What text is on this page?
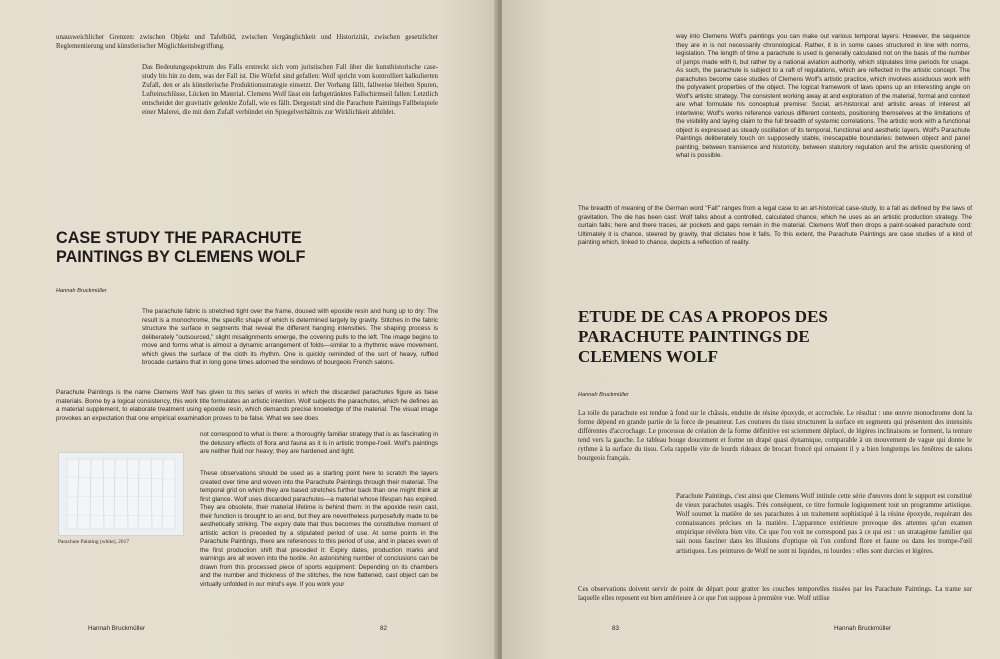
unausweichlicher Grenzen: zwischen Objekt und Tafelbild, zwischen Vergänglichkeit und Historizität, zwischen gesetzlicher Reglementierung und künstlerischer Möglichkeitsbegriffung.

Das Bedeutungsspektrum des Falls erstreckt sich vom juristischen Fall über die kunsthistorische case-study bis hin zu dem, was der Fall ist. Die Würfel sind gefallen: Wolf spricht vom kontrolliert kalkulierten Zufall, den er als künstlerische Produktionsstrategie einsetzt. Der Vorhang fällt, fallweise bleiben Spuren, Lufteinschlüsse, Lücken im Material. Clemens Wolf lässt ein farbgetränktes Fallschirmseil fallen: Letztlich entscheidet der gravitativ gelenkte Zufall, wie es fällt. Dergestalt sind die Parachute Paintings Fallbeispiele einer Malerei, die mit dem Zufall verbündet ein Spiegelverhältnis zur Wirklichkeit abbildet.

CASE STUDY THE PARACHUTE PAINTINGS BY CLEMENS WOLF
Hannah Bruckmüller

The parachute fabric is stretched tight over the frame, doused with epoxide resin and hung up to dry: The result is a monochrome, the specific shape of which is determined largely by gravity. Stitches in the fabric structure the surface in segments that reveal the different hanging intensities. The shaping process is deliberately "outsourced," slight misalignments emerge, the covering pulls to the left. The image begins to move and forms what is almost a dynamic arrangement of folds—similar to a rhythmic wave movement, which gives the surface of the cloth its rhythm. One is quickly reminded of the sort of heavy, ruffled brocade curtains that in long gone times adorned the windows of bourgeois French salons.

Parachute Paintings is the name Clemens Wolf has given to this series of works in which the discarded parachutes figure as base materials. Borne by a logical consistency, this work title formulates an artistic intention. Wolf subjects the parachutes, which he defines as a material supplement, to elaborate treatment using epoxide resin, which demands precise knowledge of the material. The visual image provokes an expectation that one empirical examination proves to be false. What we see does

not correspond to what is there: a thoroughly familiar strategy that is as fascinating in the delusory effects of flora and fauna as it is in artistic trompe-l'oeil. Wolf's paintings are neither fluid nor heavy; they are hardened and light.

Parachute Painting (white), 2017

These observations should be used as a starting point here to scratch the layers created over time and woven into the Parachute Paintings through their material. The temporal grid on which they are based stretches further back than one might think at first glance. Wolf uses discarded parachutes—a material whose lifespan has expired. They are obsolete, their material lifetime is behind them: in the epoxide resin cast, their function is brought to an end, but they are nevertheless purposefully made to be aesthetically striking. The expiry date that thus becomes the constitutive moment of artistic action is preceded by a stipulated period of use. At some points in the Parachute Paintings, there are references to this period of use, and in places even of the first production shift that preceded it: Expiry dates, production marks and warnings are all woven into the textile. An astonishing number of conclusions can be drawn from this processed piece of sports equipment: Depending on its chambers and the number and thickness of the stitches, the now flattened, cast object can be virtually unfolded in our mind's eye. If you work your

Hannah Bruckmüller	82

way into Clemens Wolf's paintings you can make out various temporal layers: However, the sequence they are in is not necessarily chronological. Rather, it is in some cases structured in line with norms, legislation. The length of time a parachute is used is generally calculated not on the basis of the number of jumps made with it, but rather by a national aviation authority, which stipulates time periods for usage. As such, the parachute is subject to a raft of regulations, which are reflected in the artistic concept. The parachutes become case studies of Clemens Wolf's artistic practice, which involves assiduous work with the polyvalent properties of the object. The logical framework of laws opens up an interesting angle on Wolf's artistic strategy. The consistent working away at and exploration of the material, formal and context are what formulate his conceptual premise: Social, art-historical and artistic areas of interest all intertwine; Wolf's works reference various different contexts, positioning themselves at the limitations of the visibility and laying claim to the full breadth of systemic correlations. The artistic work with a functional object is expressed as steady oscillation of its temporal, functional and aesthetic layers. Wolf's Parachute Paintings deliberately touch on supposedly stable, inescapable boundaries: between object and panel painting, between transience and historicity, between statutory regulation and the artistic questioning of what is possible.

The breadth of meaning of the German word "Fall" ranges from a legal case to an art-historical case-study, to a fall as defined by the laws of gravitation. The die has been cast: Wolf talks about a controlled, calculated chance, which he uses as an artistic production strategy. The curtain falls; here and there traces, air pockets and gaps remain in the material. Clemens Wolf then drops a paint-soaked parachute cord: Ultimately it is chance, steered by gravity, that dictates how it falls. To this extent, the Parachute Paintings are case studies of a kind of painting which, linked to chance, depicts a reflection of reality.

ETUDE DE CAS A PROPOS DES PARACHUTE PAINTINGS DE CLEMENS WOLF
Hannah Bruckmüller

La toile du parachute est tendue à fond sur le châssis, enduite de résine époxyde, et accrochée. Le résultat : une œuvre monochrome dont la forme dépend en grande partie de la force de pesanteur. Les coutures du tissu structurent la surface en segments qui présentent des intensités différentes d'accrochage. Le processus de création de la forme définitive est sciemment déplacé, de légères inclinaisons se forment, la tenture tend vers la gauche. Le tableau bouge doucement et forme un drapé quasi dynamique, comparable à un mouvement de vague qui donne le rythme à la surface du tissu. Cela rappelle vite de lourds rideaux de brocart froncé qui ornaient il y a bien longtemps les fenêtres de salons bourgeois français.

Parachute Paintings, c'est ainsi que Clemens Wolf intitule cette série d'œuvres dont le support est constitué de vieux parachutes usagés. Très conséquent, ce titre formule logiquement tout un programme artistique. Wolf soumet la matière de ses parachutes à un traitement sophistiqué à la résine époxyde, requérant des connaissances précises en la matière. L'apparence extérieure provoque des attentes qu'un examen empirique révèlera bien vite. Ce que l'on voit ne correspond pas à ce qui est : un stratagème familier qui sait nous fasciner dans les illusions d'optique où l'on confond flore et faune ou dans les trompe-l'œil artistiques. Les peintures de Wolf ne sont ni liquides, ni lourdes : elles sont durcies et légères.

Ces observations doivent servir de point de départ pour gratter les couches temporelles tissées par les Parachute Paintings. La trame sur laquelle elles reposent est bien antérieure à ce que l'on suppose à première vue. Wolf utilise

83	Hannah Bruckmüller
